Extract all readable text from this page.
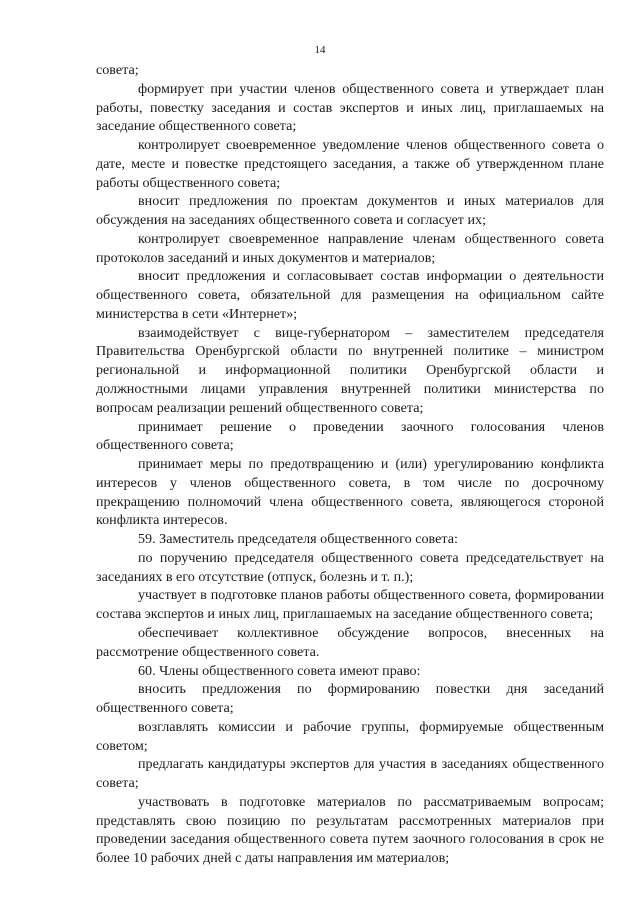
14

совета;

формирует при участии членов общественного совета и утверждает план работы, повестку заседания и состав экспертов и иных лиц, приглашаемых на заседание общественного совета;

контролирует своевременное уведомление членов общественного совета о дате, месте и повестке предстоящего заседания, а также об утвержденном плане работы общественного совета;

вносит предложения по проектам документов и иных материалов для обсуждения на заседаниях общественного совета и согласует их;

контролирует своевременное направление членам общественного совета протоколов заседаний и иных документов и материалов;

вносит предложения и согласовывает состав информации о деятельности общественного совета, обязательной для размещения на официальном сайте министерства в сети «Интернет»;

взаимодействует с вице-губернатором – заместителем председателя Правительства Оренбургской области по внутренней политике – министром региональной и информационной политики Оренбургской области и должностными лицами управления внутренней политики министерства по вопросам реализации решений общественного совета;

принимает решение о проведении заочного голосования членов общественного совета;

принимает меры по предотвращению и (или) урегулированию конфликта интересов у членов общественного совета, в том числе по досрочному прекращению полномочий члена общественного совета, являющегося стороной конфликта интересов.

59. Заместитель председателя общественного совета:

по поручению председателя общественного совета председательствует на заседаниях в его отсутствие (отпуск, болезнь и т. п.);

участвует в подготовке планов работы общественного совета, формировании состава экспертов и иных лиц, приглашаемых на заседание общественного совета;

обеспечивает коллективное обсуждение вопросов, внесенных на рассмотрение общественного совета.

60. Члены общественного совета имеют право:

вносить предложения по формированию повестки дня заседаний общественного совета;

возглавлять комиссии и рабочие группы, формируемые общественным советом;

предлагать кандидатуры экспертов для участия в заседаниях общественного совета;

участвовать в подготовке материалов по рассматриваемым вопросам; представлять свою позицию по результатам рассмотренных материалов при проведении заседания общественного совета путем заочного голосования в срок не более 10 рабочих дней с даты направления им материалов;
